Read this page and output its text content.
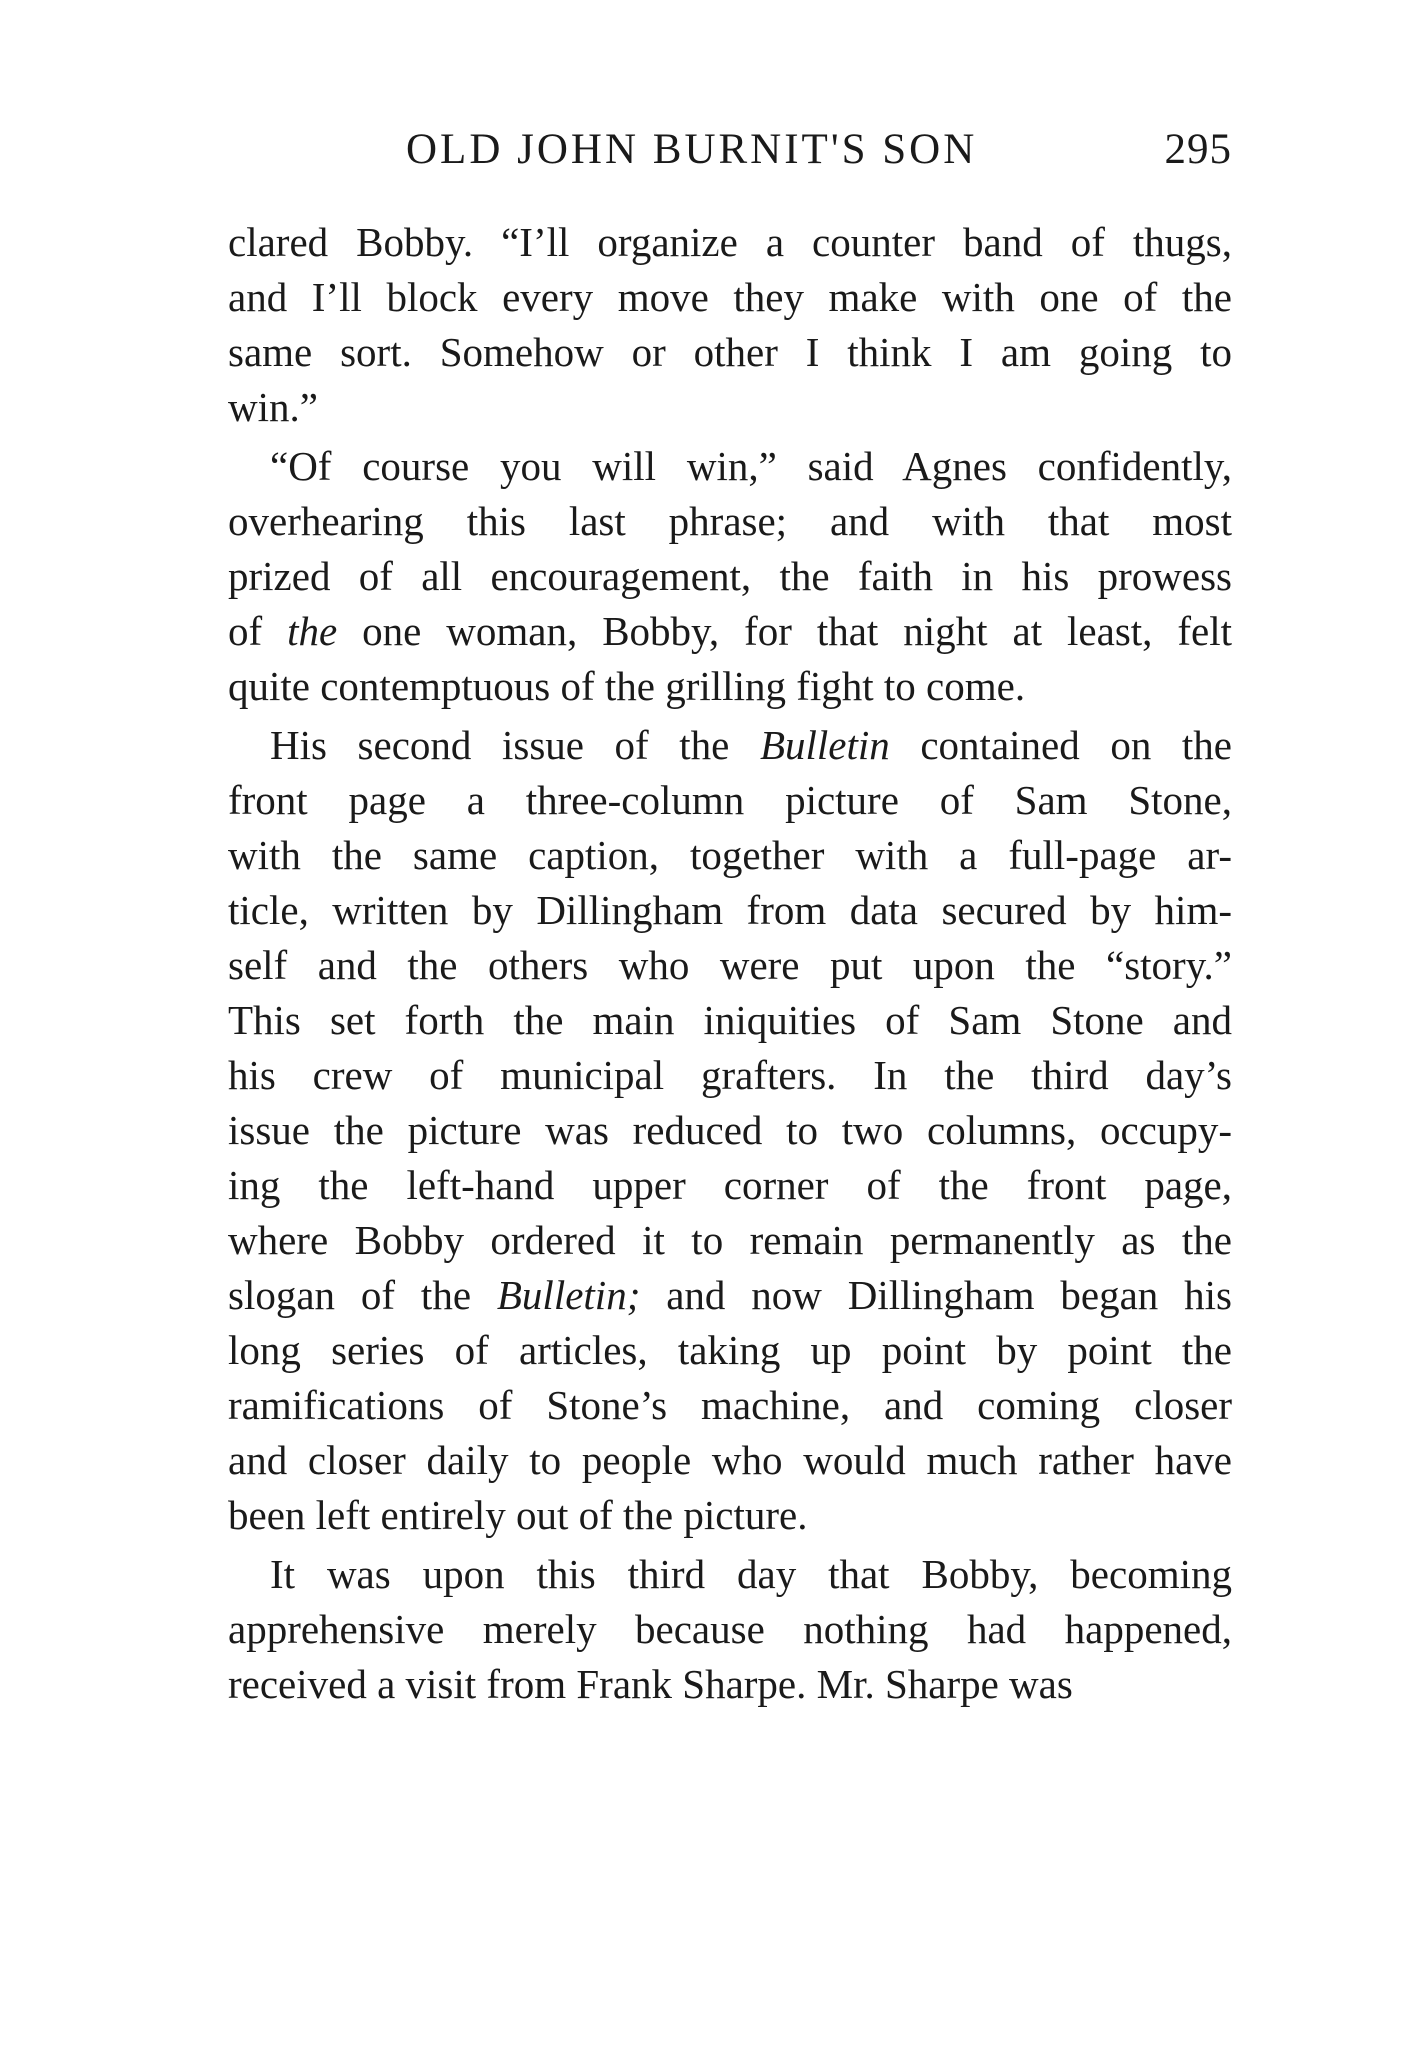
OLD JOHN BURNIT'S SON	295
clared Bobby. “I’ll organize a counter band of thugs,
and I’ll block every move they make with one of the
same sort. Somehow or other I think I am going to
win.”
“Of course you will win,” said Agnes confidently,
overhearing this last phrase; and with that most
prized of all encouragement, the faith in his prowess
of the one woman, Bobby, for that night at least, felt
quite contemptuous of the grilling fight to come.
His second issue of the Bulletin contained on the
front page a three-column picture of Sam Stone,
with the same caption, together with a full-page ar-
ticle, written by Dillingham from data secured by him-
self and the others who were put upon the “story.”
This set forth the main iniquities of Sam Stone and
his crew of municipal grafters. In the third day’s
issue the picture was reduced to two columns, occupy-
ing the left-hand upper corner of the front page,
where Bobby ordered it to remain permanently as the
slogan of the Bulletin; and now Dillingham began his
long series of articles, taking up point by point the
ramifications of Stone’s machine, and coming closer
and closer daily to people who would much rather have
been left entirely out of the picture.
It was upon this third day that Bobby, becoming
apprehensive merely because nothing had happened,
received a visit from Frank Sharpe. Mr. Sharpe was
